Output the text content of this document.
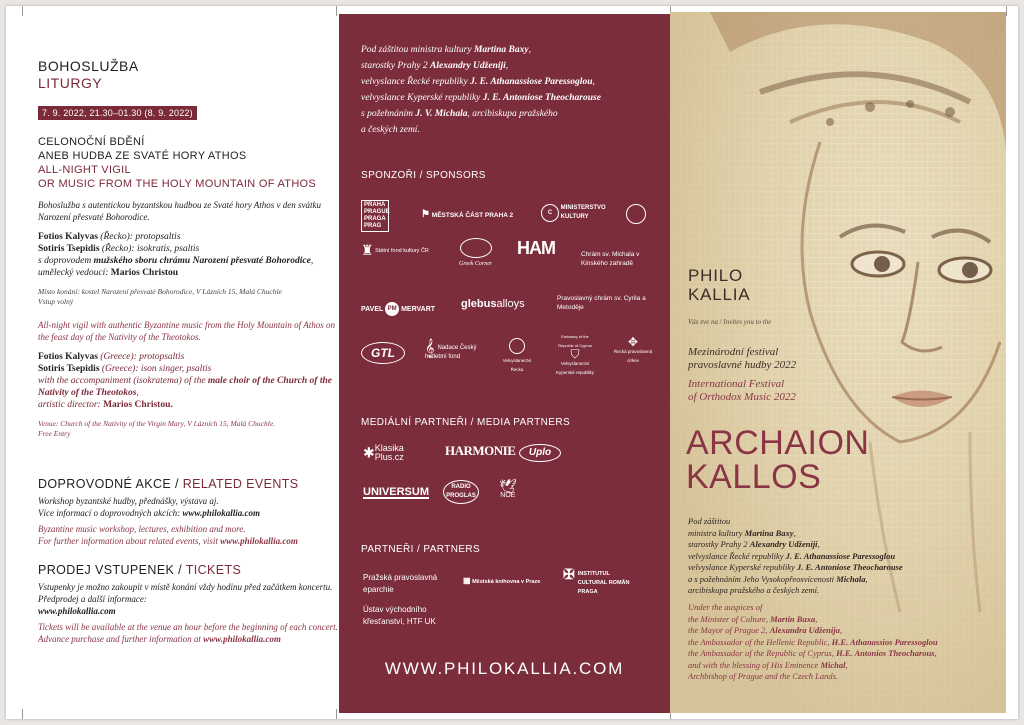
BOHOSLUŽBA
LITURGY
7. 9. 2022, 21.30–01.30 (8. 9. 2022)
CELONOČNÍ BDĚNÍ
ANEB HUDBA ZE SVATÉ HORY ATHOS
ALL-NIGHT VIGIL
OR MUSIC FROM THE HOLY MOUNTAIN OF ATHOS
Bohoslužba s autentickou byzantskou hudbou ze Svaté hory Athos v den svátku Narození přesvaté Bohorodice.
Fotios Kalyvas (Řecko): protopsaltis
Sotiris Tsepidis (Řecko): isokratis, psaltis
s doprovodem mužského sboru chrámu Narození přesvaté Bohorodice, umělecký vedoucí: Marios Christou
Místo konání: kostel Narození přesvaté Bohorodice, V Lázních 15, Malá Chuchle
Vstup volný
All-night vigil with authentic Byzantine music from the Holy Mountain of Athos on the feast day of the Nativity of the Theotokos.
Fotios Kalyvas (Greece): protopsaltis
Sotiris Tsepidis (Greece): ison singer, psaltis
with the accompaniment (isokratema) of the male choir of the Church of the Nativity of the Theotokos,
artistic director: Marios Christou.
Venue: Church of the Nativity of the Virgin Mary, V Lázních 15, Malá Chuchle.
Free Entry
DOPROVODNÉ AKCE / RELATED EVENTS
Workshop byzantské hudby, přednášky, výstava aj.
Více informací o doprovodných akcích: www.philokallia.com
Byzantine music workshop, lectures, exhibition and more.
For further information about related events, visit www.philokallia.com
PRODEJ VSTUPENEK / TICKETS
Vstupenky je možno zakoupit v místě konání vždy hodinu před začátkem koncertu. Předprodej a další informace:
www.philokallia.com
Tickets will be available at the venue an hour before the beginning of each concert. Advance purchase and further information at www.philokallia.com
Pod záštitou ministra kultury Martina Baxy,
starostky Prahy 2 Alexandry Udženiji,
velvyslance Řecké republiky J. E. Athanassiose Paressoglou,
velvyslance Kyperské republiky J. E. Antoniose Theocharouse
s požehnáním J. V. Michala, arcibiskupa pražského
a českých zemí.
SPONZOŘI / SPONSORS
PRAHA PRAGUE PRAGA PRAG
⚑ MĚSTSKÁ ČÁST PRAHA 2	C MINISTERSTVO KULTURY
♜ Státní fond kultury ČR
Greek Corner
HAM	Chrám sv. Michala v Kinského zahradě
PAVEL PM MERVART glebusalloys	Pravoslavný chrám sv. Cyrila a Metoděje
GTL	𝄞 Nadace Český hudební fond
Velvyslanectví Řecka
Embassy of the Republic of Cyprus
⛉
Velvyslanectví Kyperské republiky
✥
Řecká pravoslavná církev
MEDIÁLNÍ PARTNEŘI / MEDIA PARTNERS
✱Klasika Plus.cz	HARMONIE	Uplo
UNIVERSUM	RADIO PROGLAS
🕊
NOE
PARTNEŘI / PARTNERS
Pražská pravoslavná eparchie
▦ Městská knihovna v Praze ✠ INSTITUTUL CULTURAL ROMÂN PRAGA
Ústav východního křesťanství, HTF UK
WWW.PHILOKALLIA.COM
PHILO
KALLIA
Vás zve na / Invites you to the
Mezinárodní festival
pravoslavné hudby 2022
International Festival
of Orthodox Music 2022
ARCHAION
KALLOS
Pod záštitou
ministra kultury Martina Baxy,
starostky Prahy 2 Alexandry Udženiji,
velvyslance Řecké republiky J. E. Athanassiose Paressoglou
velvyslance Kyperské republiky J. E. Antoniose Theocharouse
a s požehnáním Jeho Vysokopřeosvícenosti Michala,
arcibiskupa pražského a českých zemí.
Under the auspices of
the Minister of Culture, Martin Baxa,
the Mayor of Prague 2, Alexandra Udženija,
the Ambassador of the Hellenic Republic, H.E. Athanassios Paressoglou
the Ambassador of the Republic of Cyprus, H.E. Antonios Theocharous,
and with the blessing of His Eminence Michal,
Archbishop of Prague and the Czech Lands.
